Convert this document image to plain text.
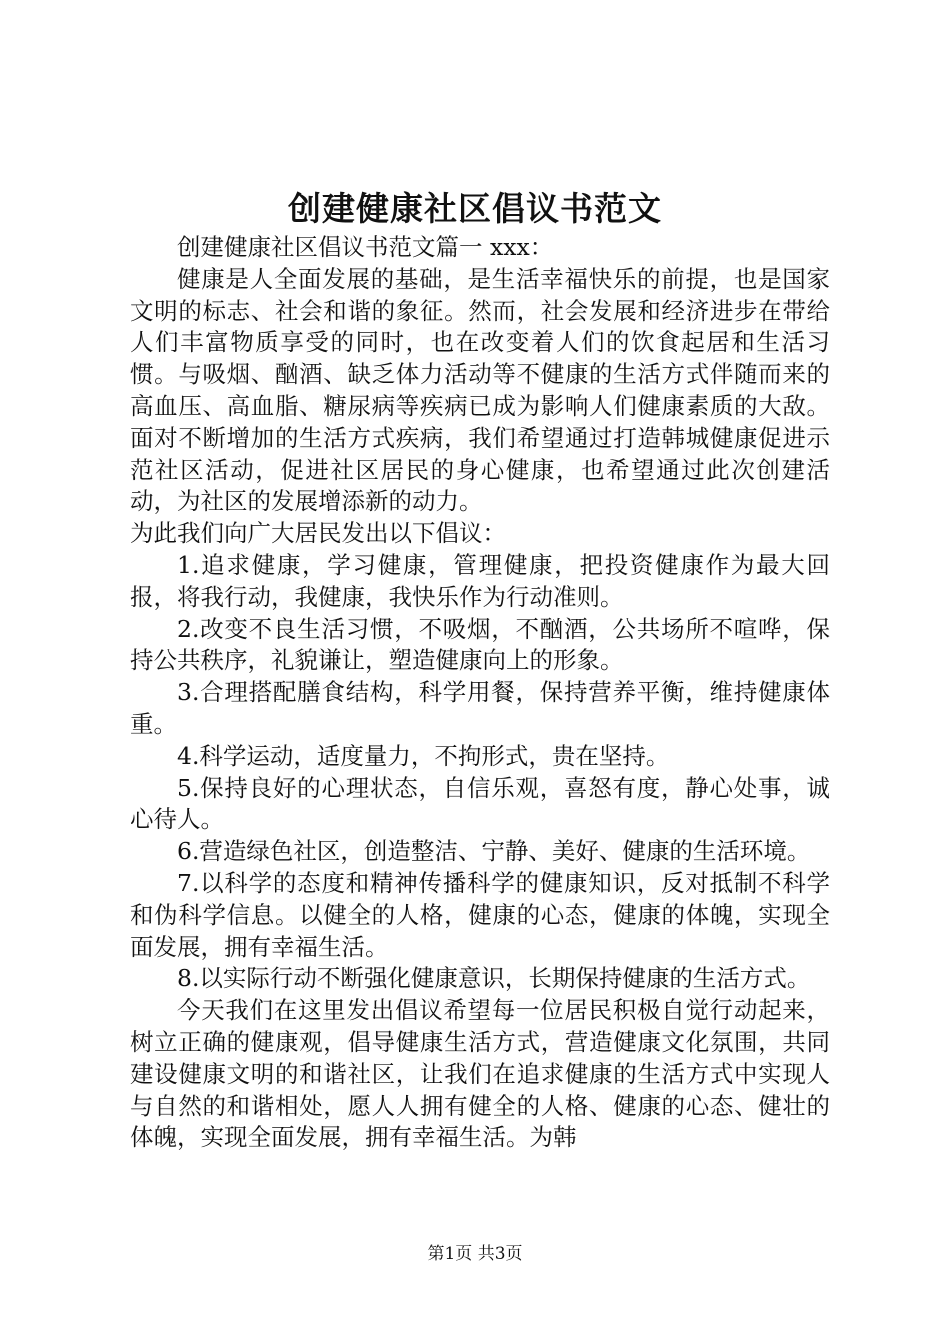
创建健康社区倡议书范文

创建健康社区倡议书范文篇一 xxx：

健康是人全面发展的基础，是生活幸福快乐的前提，也是国家文明的标志、社会和谐的象征。然而，社会发展和经济进步在带给人们丰富物质享受的同时，也在改变着人们的饮食起居和生活习惯。与吸烟、酗酒、缺乏体力活动等不健康的生活方式伴随而来的高血压、高血脂、糖尿病等疾病已成为影响人们健康素质的大敌。面对不断增加的生活方式疾病，我们希望通过打造韩城健康促进示范社区活动，促进社区居民的身心健康，也希望通过此次创建活动，为社区的发展增添新的动力。

为此我们向广大居民发出以下倡议：

1.追求健康，学习健康，管理健康，把投资健康作为最大回报，将我行动，我健康，我快乐作为行动准则。

2.改变不良生活习惯，不吸烟，不酗酒，公共场所不喧哗，保持公共秩序，礼貌谦让，塑造健康向上的形象。

3.合理搭配膳食结构，科学用餐，保持营养平衡，维持健康体重。

4.科学运动，适度量力，不拘形式，贵在坚持。

5.保持良好的心理状态，自信乐观，喜怒有度，静心处事，诚心待人。

6.营造绿色社区，创造整洁、宁静、美好、健康的生活环境。

7.以科学的态度和精神传播科学的健康知识，反对抵制不科学和伪科学信息。以健全的人格，健康的心态，健康的体魄，实现全面发展，拥有幸福生活。

8.以实际行动不断强化健康意识，长期保持健康的生活方式。

今天我们在这里发出倡议希望每一位居民积极自觉行动起来，树立正确的健康观，倡导健康生活方式，营造健康文化氛围，共同建设健康文明的和谐社区，让我们在追求健康的生活方式中实现人与自然的和谐相处，愿人人拥有健全的人格、健康的心态、健壮的体魄，实现全面发展，拥有幸福生活。为韩

第1页 共3页
